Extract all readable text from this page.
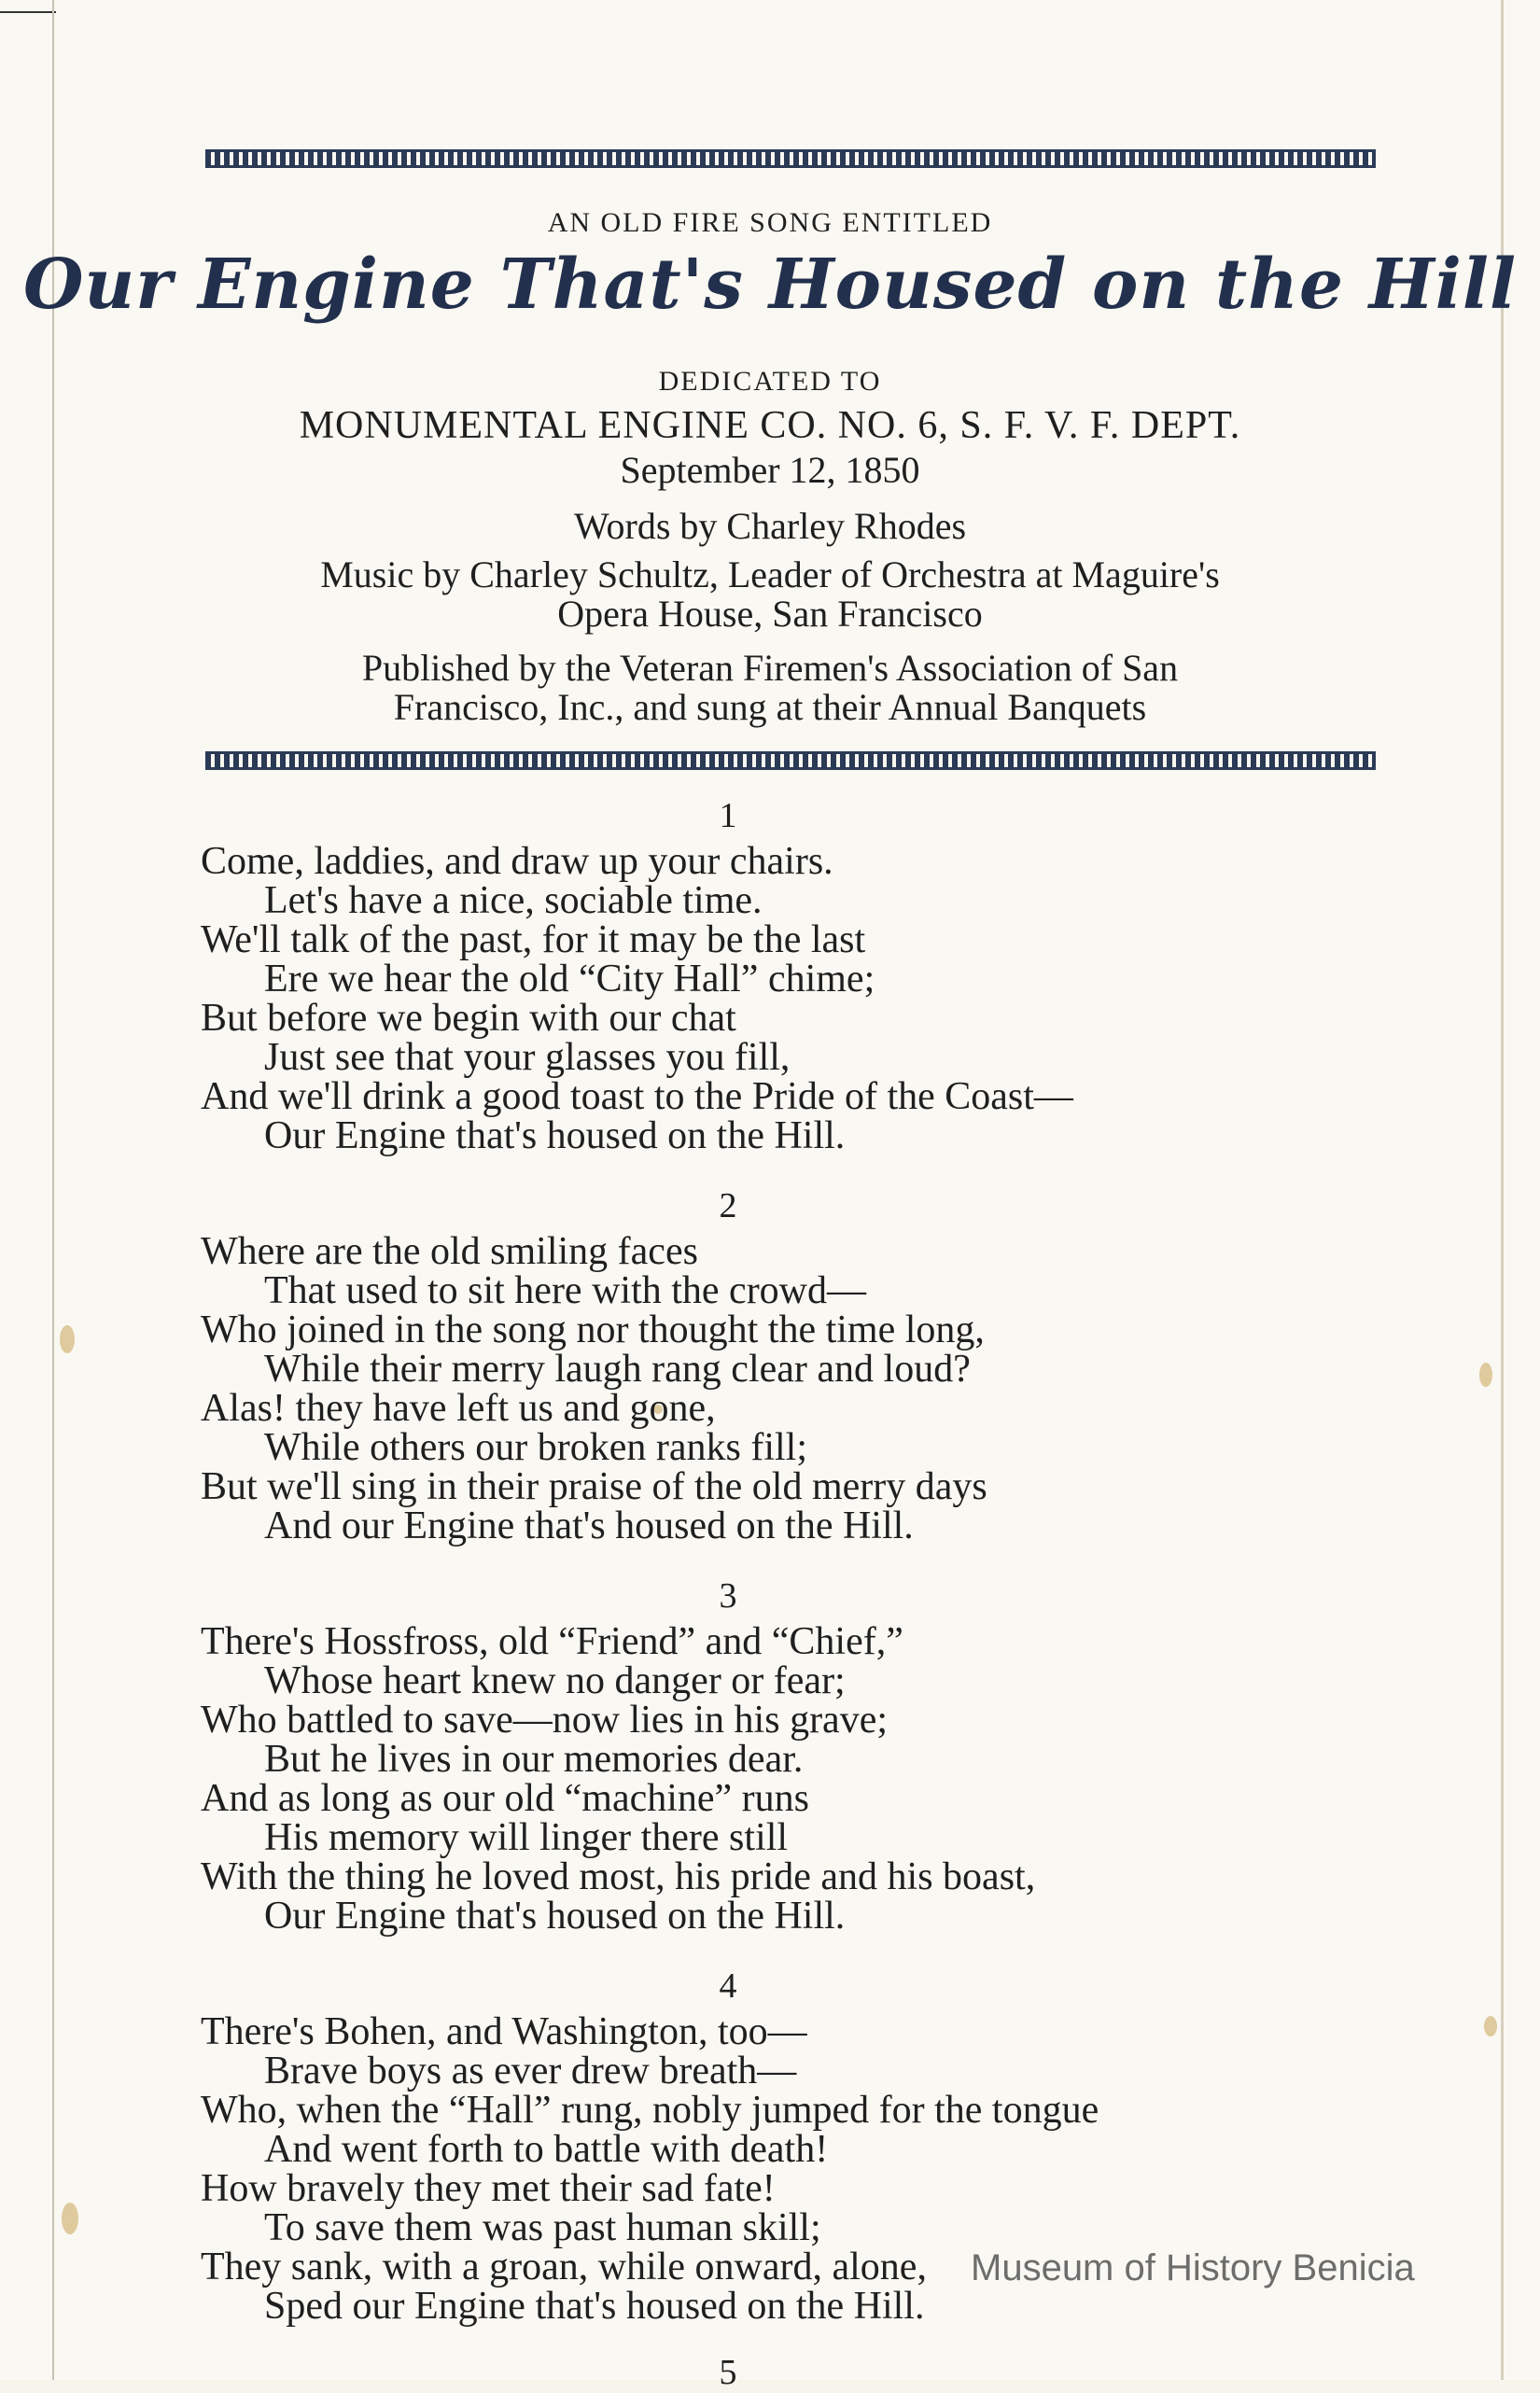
AN OLD FIRE SONG ENTITLED
Our Engine That's Housed on the Hill
DEDICATED TO
MONUMENTAL ENGINE CO. NO. 6, S. F. V. F. DEPT.
September 12, 1850
Words by Charley Rhodes
Music by Charley Schultz, Leader of Orchestra at Maguire's
Opera House, San Francisco
Published by the Veteran Firemen's Association of San
Francisco, Inc., and sung at their Annual Banquets
1
Come, laddies, and draw up your chairs.
Let's have a nice, sociable time.
We'll talk of the past, for it may be the last
Ere we hear the old “City Hall” chime;
But before we begin with our chat
Just see that your glasses you fill,
And we'll drink a good toast to the Pride of the Coast—
Our Engine that's housed on the Hill.
2
Where are the old smiling faces
That used to sit here with the crowd—
Who joined in the song nor thought the time long,
While their merry laugh rang clear and loud?
Alas! they have left us and gone,
While others our broken ranks fill;
But we'll sing in their praise of the old merry days
And our Engine that's housed on the Hill.
3
There's Hossfross, old “Friend” and “Chief,”
Whose heart knew no danger or fear;
Who battled to save—now lies in his grave;
But he lives in our memories dear.
And as long as our old “machine” runs
His memory will linger there still
With the thing he loved most, his pride and his boast,
Our Engine that's housed on the Hill.
4
There's Bohen, and Washington, too—
Brave boys as ever drew breath—
Who, when the “Hall” rung, nobly jumped for the tongue
And went forth to battle with death!
How bravely they met their sad fate!
To save them was past human skill;
They sank, with a groan, while onward, alone,
Sped our Engine that's housed on the Hill.
5
Museum of History Benicia
